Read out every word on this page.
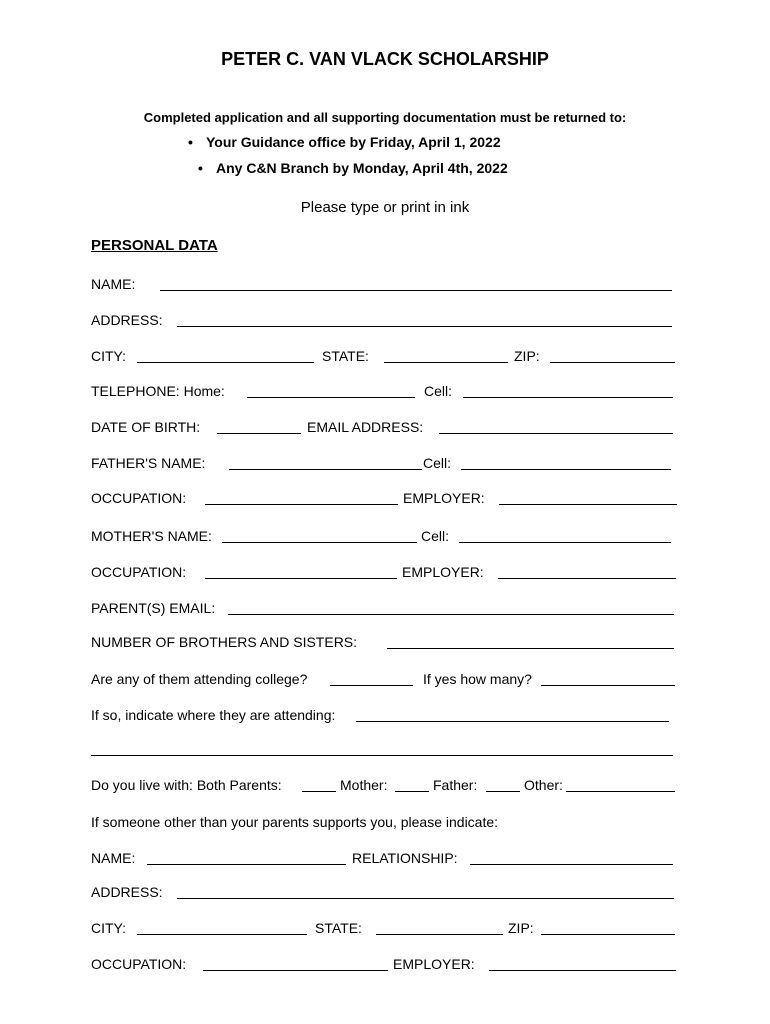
PETER C. VAN VLACK SCHOLARSHIP
Completed application and all supporting documentation must be returned to:
• Your Guidance office by Friday, April 1, 2022
• Any C&N Branch by Monday, April 4th, 2022
Please type or print in ink
PERSONAL DATA
NAME:
ADDRESS:
CITY:	STATE:	ZIP:
TELEPHONE: Home:	Cell:
DATE OF BIRTH:	EMAIL ADDRESS:
FATHER'S NAME:	Cell:
OCCUPATION:	EMPLOYER:
MOTHER'S NAME:	Cell:
OCCUPATION:	EMPLOYER:
PARENT(S) EMAIL:
NUMBER OF BROTHERS AND SISTERS:
Are any of them attending college?	If yes how many?
If so, indicate where they are attending:
Do you live with: Both Parents:	Mother:	Father:	Other:
If someone other than your parents supports you, please indicate:
NAME:	RELATIONSHIP:
ADDRESS:
CITY:	STATE:	ZIP:
OCCUPATION:	EMPLOYER:
